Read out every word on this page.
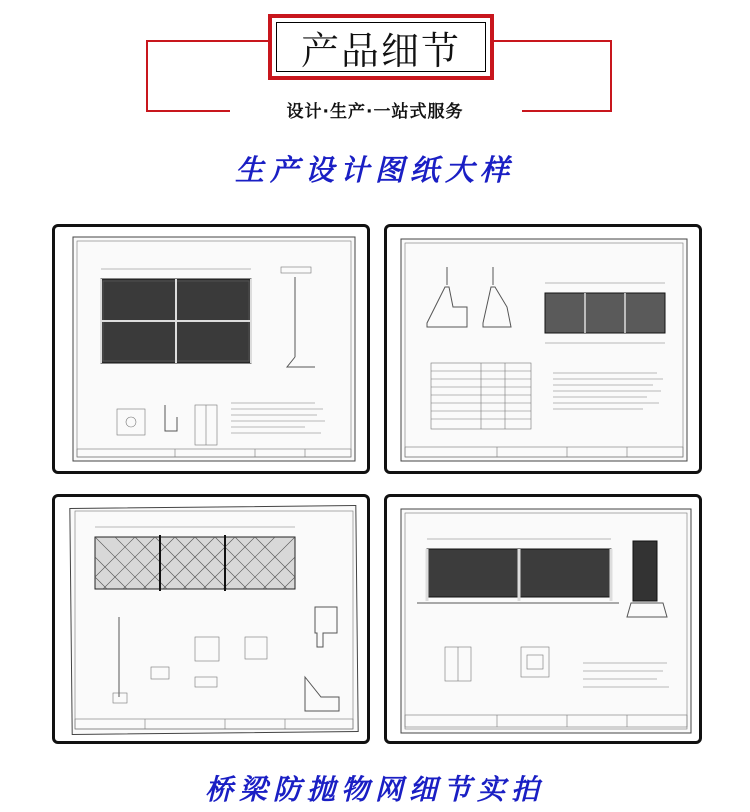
产品细节
设计·生产·一站式服务
生产设计图纸大样
桥梁防抛物网细节实拍
